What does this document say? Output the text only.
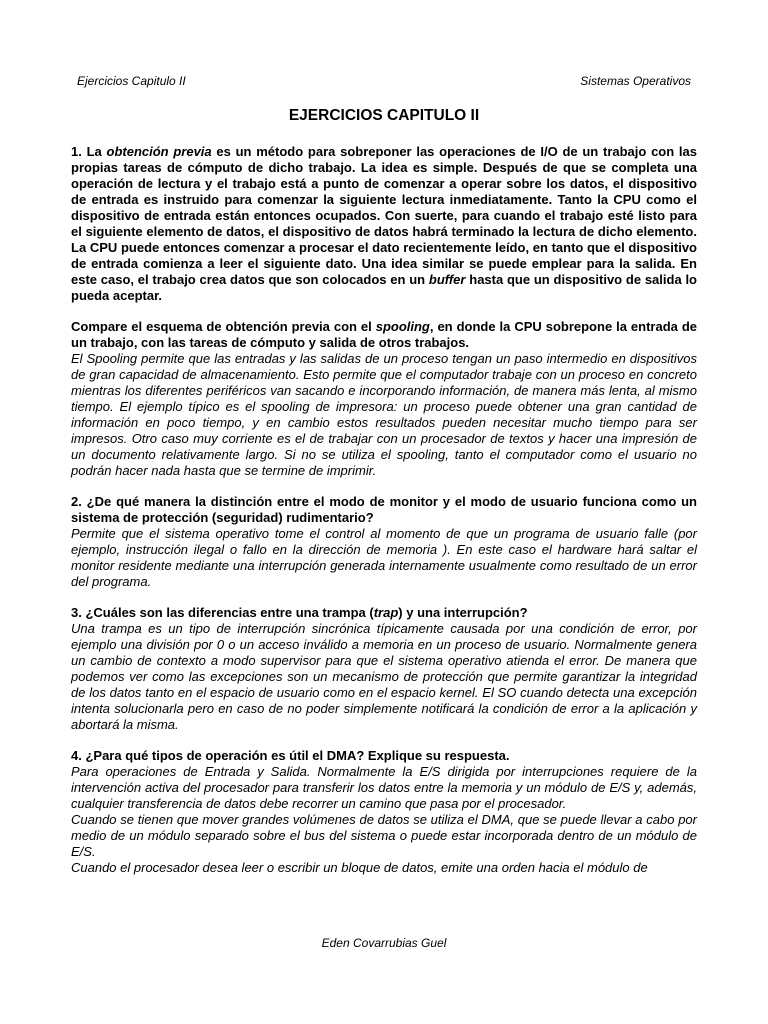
Ejercicios Capitulo II	Sistemas Operativos
EJERCICIOS CAPITULO II

1. La obtención previa es un método para sobreponer las operaciones de I/O de un trabajo con las propias tareas de cómputo de dicho trabajo. La idea es simple. Después de que se completa una operación de lectura y el trabajo está a punto de comenzar a operar sobre los datos, el dispositivo de entrada es instruido para comenzar la siguiente lectura inmediatamente. Tanto la CPU como el dispositivo de entrada están entonces ocupados. Con suerte, para cuando el trabajo esté listo para el siguiente elemento de datos, el dispositivo de datos habrá terminado la lectura de dicho elemento. La CPU puede entonces comenzar a procesar el dato recientemente leído, en tanto que el dispositivo de entrada comienza a leer el siguiente dato. Una idea similar se puede emplear para la salida. En este caso, el trabajo crea datos que son colocados en un buffer hasta que un dispositivo de salida lo pueda aceptar.

Compare el esquema de obtención previa con el spooling, en donde la CPU sobrepone la entrada de un trabajo, con las tareas de cómputo y salida de otros trabajos.

El Spooling permite que las entradas y las salidas de un proceso tengan un paso intermedio en dispositivos de gran capacidad de almacenamiento. Esto permite que el computador trabaje con un proceso en concreto mientras los diferentes periféricos van sacando e incorporando información, de manera más lenta, al mismo tiempo. El ejemplo típico es el spooling de impresora: un proceso puede obtener una gran cantidad de información en poco tiempo, y en cambio estos resultados pueden necesitar mucho tiempo para ser impresos. Otro caso muy corriente es el de trabajar con un procesador de textos y hacer una impresión de un documento relativamente largo. Si no se utiliza el spooling, tanto el computador como el usuario no podrán hacer nada hasta que se termine de imprimir.

2. ¿De qué manera la distinción entre el modo de monitor y el modo de usuario funciona como un sistema de protección (seguridad) rudimentario?

Permite que el sistema operativo tome el control al momento de que un programa de usuario falle (por ejemplo, instrucción ilegal o fallo en la dirección de memoria ). En este caso el hardware hará saltar el monitor residente mediante una interrupción generada internamente usualmente como resultado de un error del programa.

3. ¿Cuáles son las diferencias entre una trampa (trap) y una interrupción?

Una trampa es un tipo de interrupción sincrónica típicamente causada por una condición de error, por ejemplo una división por 0 o un acceso inválido a memoria en un proceso de usuario. Normalmente genera un cambio de contexto a modo supervisor para que el sistema operativo atienda el error. De manera que podemos ver como las excepciones son un mecanismo de protección que permite garantizar la integridad de los datos tanto en el espacio de usuario como en el espacio kernel. El SO cuando detecta una excepción intenta solucionarla pero en caso de no poder simplemente notificará la condición de error a la aplicación y abortará la misma.

4. ¿Para qué tipos de operación es útil el DMA? Explique su respuesta.

Para operaciones de Entrada y Salida. Normalmente la E/S dirigida por interrupciones requiere de la intervención activa del procesador para transferir los datos entre la memoria y un módulo de E/S y, además, cualquier transferencia de datos debe recorrer un camino que pasa por el procesador.

Cuando se tienen que mover grandes volúmenes de datos se utiliza el DMA, que se puede llevar a cabo por medio de un módulo separado sobre el bus del sistema o puede estar incorporada dentro de un módulo de E/S.

Cuando el procesador desea leer o escribir un bloque de datos, emite una orden hacia el módulo de

Eden Covarrubias Guel
